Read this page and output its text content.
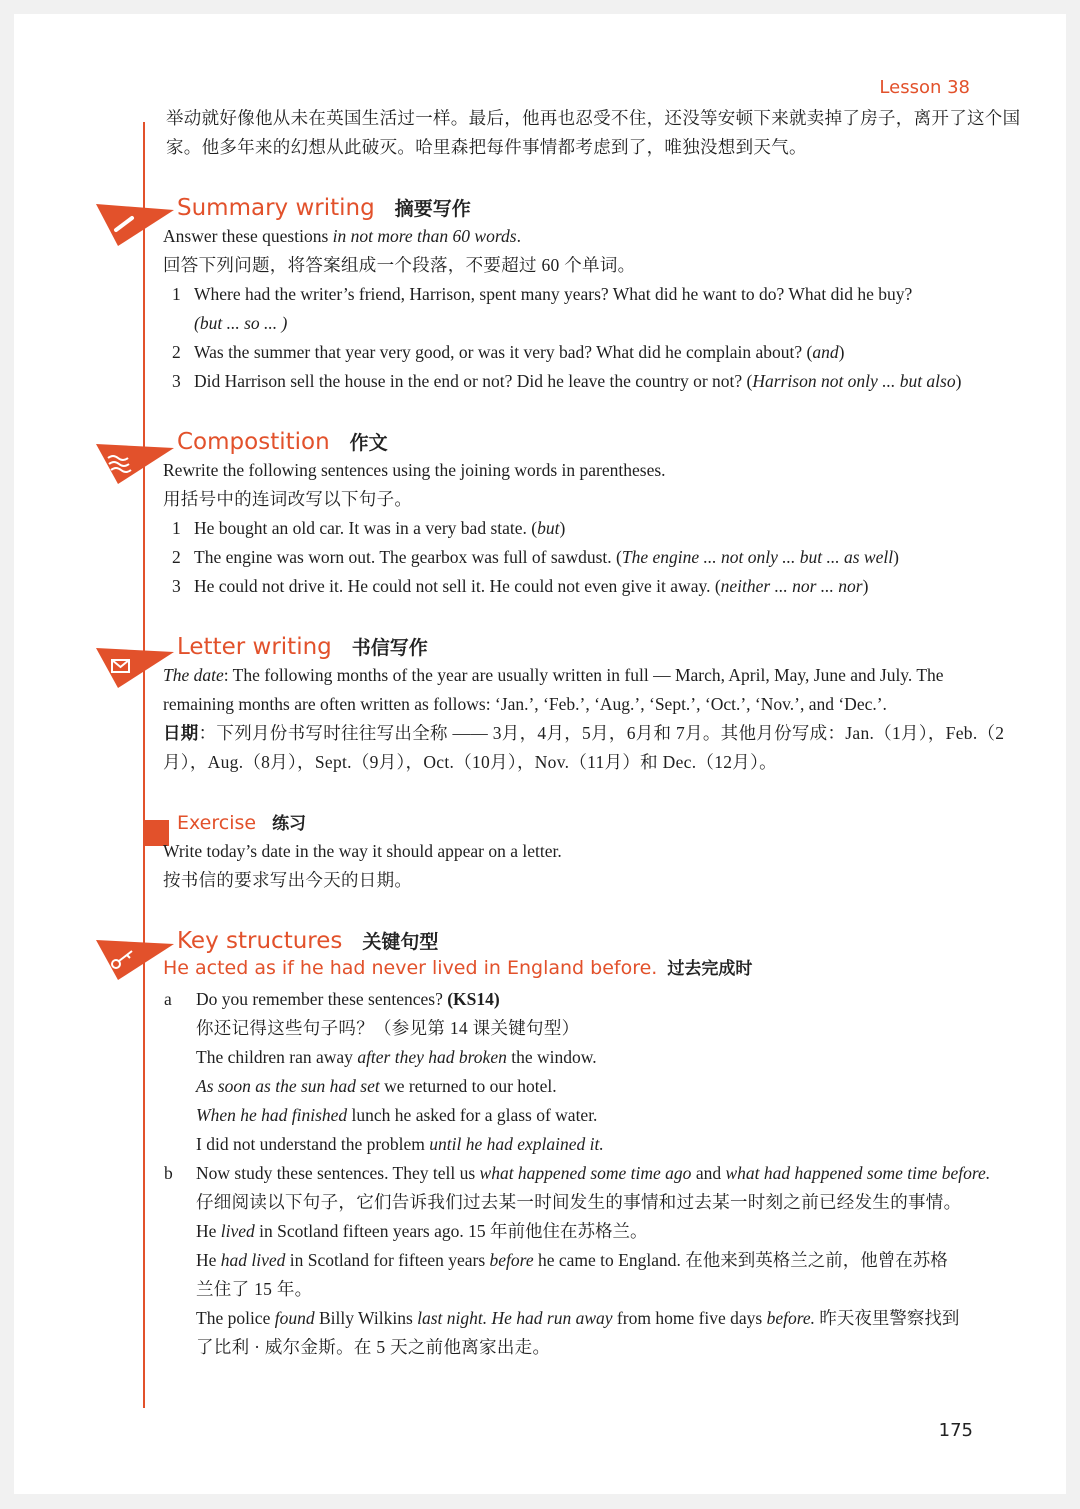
Lesson 38
举动就好像他从未在英国生活过一样。最后，他再也忍受不住，还没等安顿下来就卖掉了房子，离开了这个国
家。他多年来的幻想从此破灭。哈里森把每件事情都考虑到了，唯独没想到天气。
Summary writing 摘要写作
Answer these questions in not more than 60 words.
回答下列问题，将答案组成一个段落，不要超过 60 个单词。
1 Where had the writer’s friend, Harrison, spent many years? What did he want to do? What did he buy?
(but ... so ... )
2 Was the summer that year very good, or was it very bad? What did he complain about? (and)
3 Did Harrison sell the house in the end or not? Did he leave the country or not? (Harrison not only ... but also)
Compostition 作文
Rewrite the following sentences using the joining words in parentheses.
用括号中的连词改写以下句子。
1 He bought an old car. It was in a very bad state. (but)
2 The engine was worn out. The gearbox was full of sawdust. (The engine ... not only ... but ... as well)
3 He could not drive it. He could not sell it. He could not even give it away. (neither ... nor ... nor)
Letter writing 书信写作
The date: The following months of the year are usually written in full — March, April, May, June and July. The
remaining months are often written as follows: ‘Jan.’, ‘Feb.’, ‘Aug.’, ‘Sept.’, ‘Oct.’, ‘Nov.’, and ‘Dec.’.
日期：下列月份书写时往往写出全称 —— 3月，4月，5月，6月和 7月。其他月份写成：Jan.（1月），Feb.（2
月），Aug.（8月），Sept.（9月），Oct.（10月），Nov.（11月）和 Dec.（12月）。
Exercise 练习
Write today’s date in the way it should appear on a letter.
按书信的要求写出今天的日期。
Key structures 关键句型
He acted as if he had never lived in England before. 过去完成时
a Do you remember these sentences? (KS14)
你还记得这些句子吗？（参见第 14 课关键句型）
The children ran away after they had broken the window.
As soon as the sun had set we returned to our hotel.
When he had finished lunch he asked for a glass of water.
I did not understand the problem until he had explained it.
b Now study these sentences. They tell us what happened some time ago and what had happened some time before.
仔细阅读以下句子，它们告诉我们过去某一时间发生的事情和过去某一时刻之前已经发生的事情。
He lived in Scotland fifteen years ago. 15 年前他住在苏格兰。
He had lived in Scotland for fifteen years before he came to England. 在他来到英格兰之前，他曾在苏格
兰住了 15 年。
The police found Billy Wilkins last night. He had run away from home five days before. 昨天夜里警察找到
了比利 · 威尔金斯。在 5 天之前他离家出走。
175
